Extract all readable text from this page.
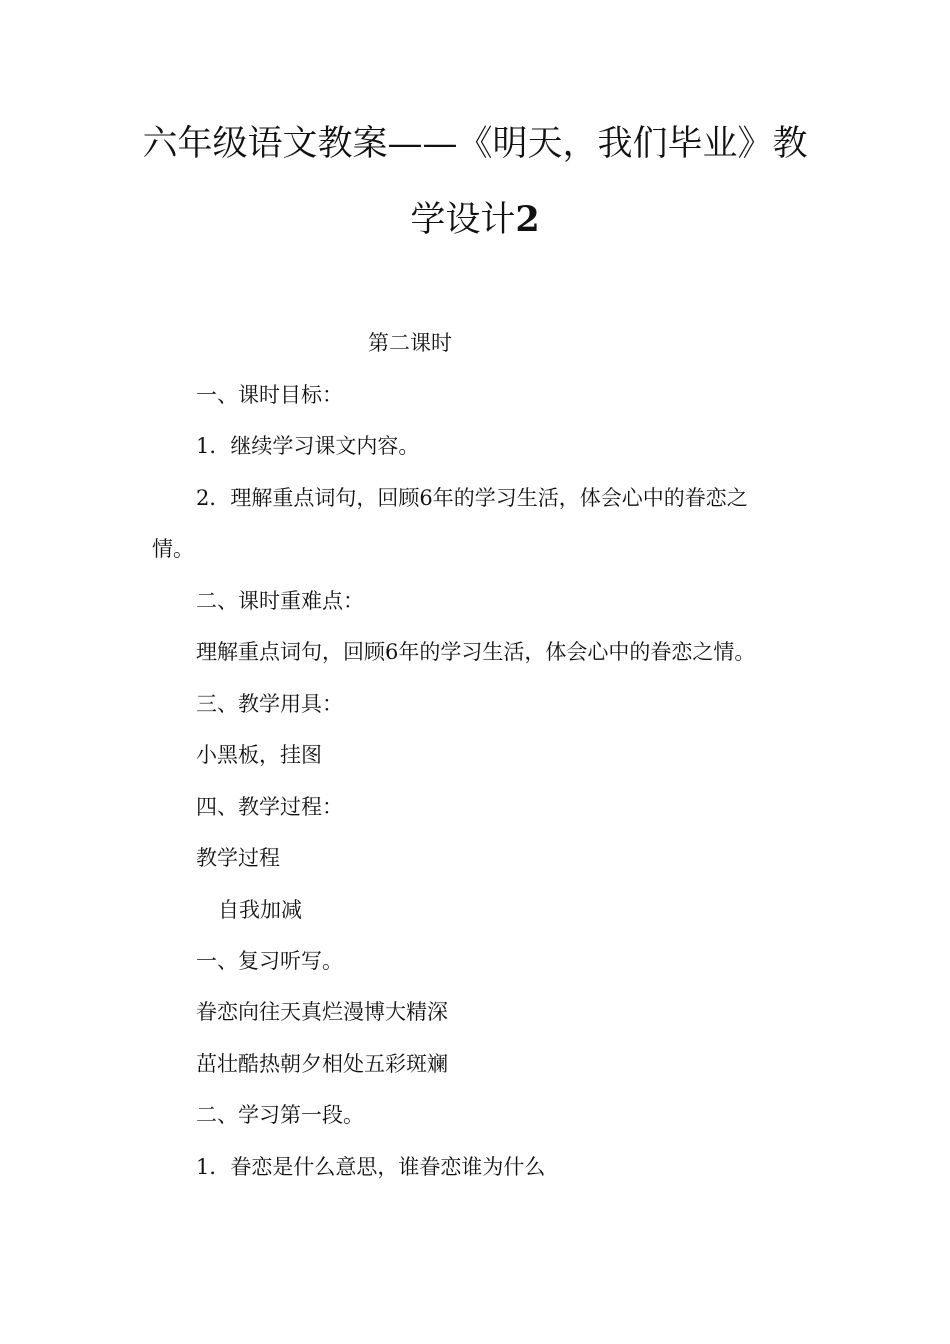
六年级语文教案——《明天，我们毕业》教
学设计2

第二课时

一、课时目标：

1．继续学习课文内容。

2．理解重点词句，回顾6年的学习生活，体会心中的眷恋之

情。

二、课时重难点：

理解重点词句，回顾6年的学习生活，体会心中的眷恋之情。

三、教学用具：

小黑板，挂图

四、教学过程：

教学过程

自我加减

一、复习听写。

眷恋向往天真烂漫博大精深

茁壮酷热朝夕相处五彩斑斓

二、学习第一段。

1．眷恋是什么意思，谁眷恋谁为什么
